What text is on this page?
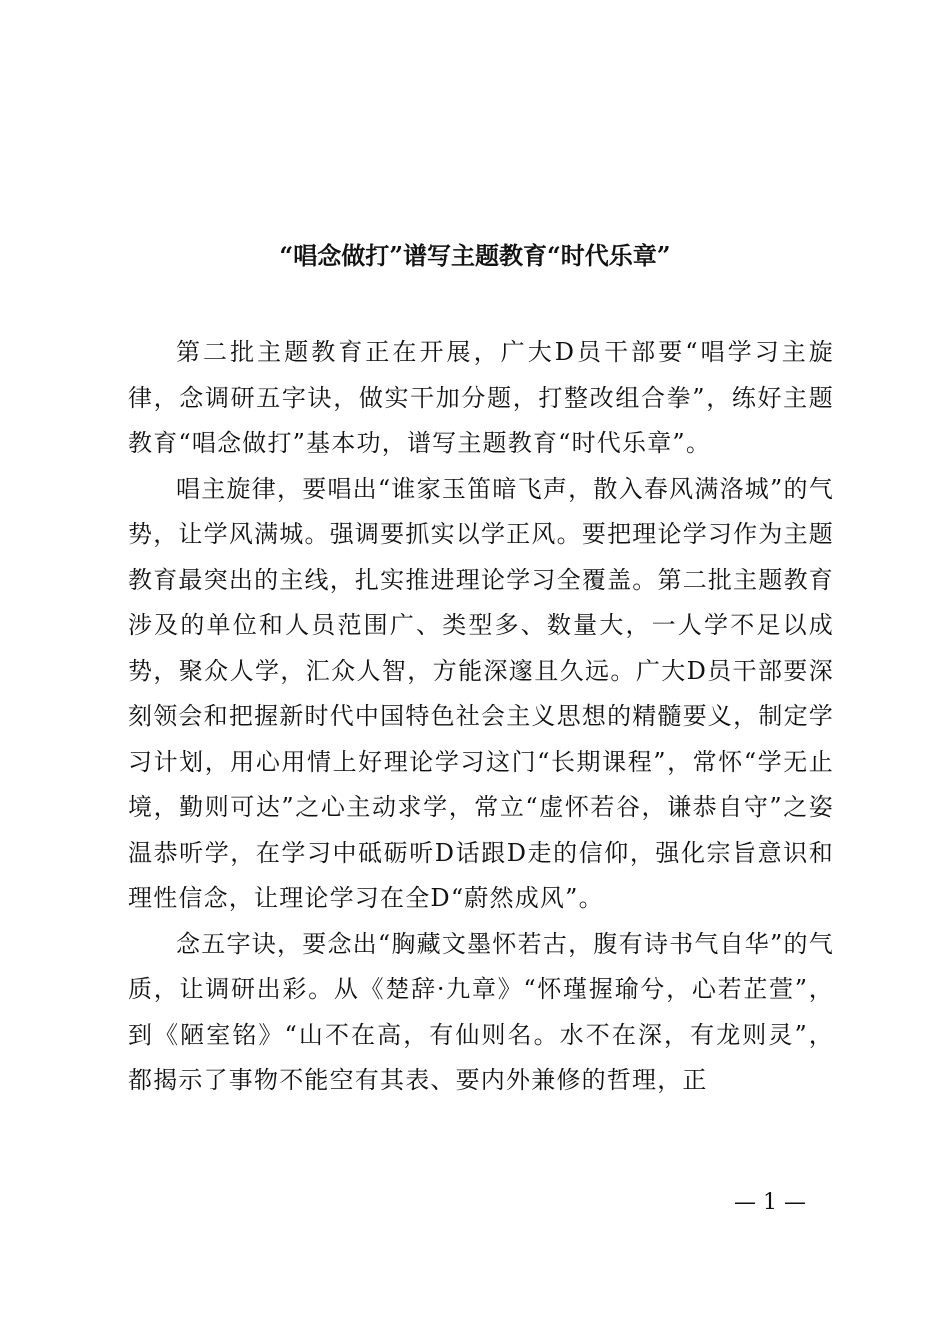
“唱念做打”谱写主题教育“时代乐章”

第二批主题教育正在开展，广大D员干部要“唱学习主旋律，念调研五字诀，做实干加分题，打整改组合拳”，练好主题教育“唱念做打”基本功，谱写主题教育“时代乐章”。

唱主旋律，要唱出“谁家玉笛暗飞声，散入春风满洛城”的气势，让学风满城。强调要抓实以学正风。要把理论学习作为主题教育最突出的主线，扎实推进理论学习全覆盖。第二批主题教育涉及的单位和人员范围广、类型多、数量大，一人学不足以成势，聚众人学，汇众人智，方能深邃且久远。广大D员干部要深刻领会和把握新时代中国特色社会主义思想的精髓要义，制定学习计划，用心用情上好理论学习这门“长期课程”，常怀“学无止境，勤则可达”之心主动求学，常立“虚怀若谷，谦恭自守”之姿温恭听学，在学习中砥砺听D话跟D走的信仰，强化宗旨意识和理性信念，让理论学习在全D“蔚然成风”。

念五字诀，要念出“胸藏文墨怀若古，腹有诗书气自华”的气质，让调研出彩。从《楚辞·九章》“怀瑾握瑜兮，心若芷萱”，到《陋室铭》“山不在高，有仙则名。水不在深，有龙则灵”，都揭示了事物不能空有其表、要内外兼修的哲理，正

— 1 —
